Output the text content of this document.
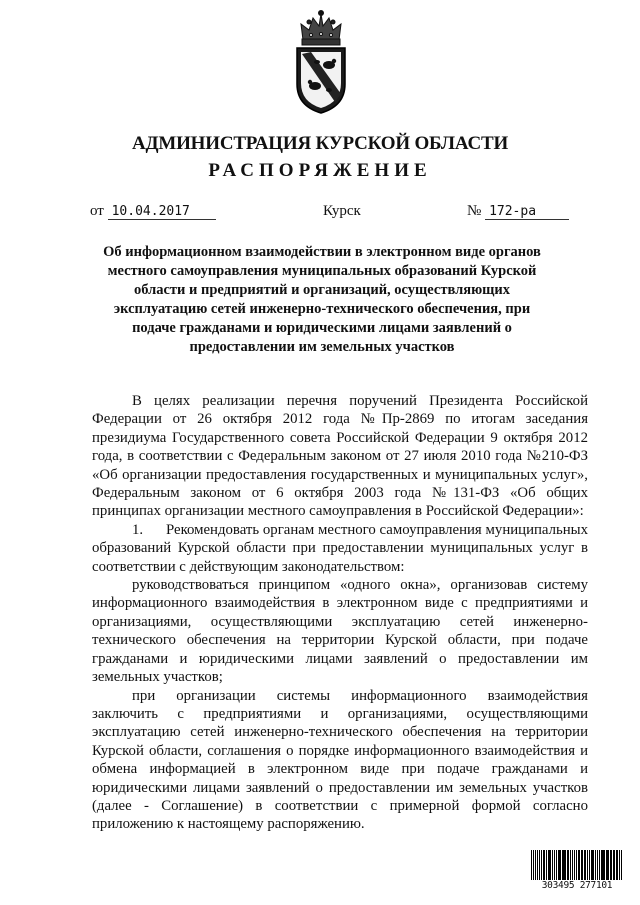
АДМИНИСТРАЦИЯ КУРСКОЙ ОБЛАСТИ
РАСПОРЯЖЕНИЕ
от 10.04.2017	Курск	№ 172-ра
Об информационном взаимодействии в электронном виде органов местного самоуправления муниципальных образований Курской области и предприятий и организаций, осуществляющих эксплуатацию сетей инженерно-технического обеспечения, при подаче гражданами и юридическими лицами заявлений о предоставлении им земельных участков

В целях реализации перечня поручений Президента Российской Федерации от 26 октября 2012 года №Пр-2869 по итогам заседания президиума Государственного совета Российской Федерации 9 октября 2012 года, в соответствии с Федеральным законом от 27 июля 2010 года №210-ФЗ «Об организации предоставления государственных и муниципальных услуг», Федеральным законом от 6 октября 2003 года №131-ФЗ «Об общих принципах организации местного самоуправления в Российской Федерации»:

1.      Рекомендовать органам местного самоуправления муниципальных образований Курской области при предоставлении муниципальных услуг в соответствии с действующим законодательством:

руководствоваться принципом «одного окна», организовав систему информационного взаимодействия в электронном виде с предприятиями и организациями, осуществляющими эксплуатацию сетей инженерно-технического обеспечения на территории Курской области, при подаче гражданами и юридическими лицами заявлений о предоставлении им земельных участков;

при организации системы информационного взаимодействия заключить с предприятиями и организациями, осуществляющими эксплуатацию сетей инженерно-технического обеспечения на территории Курской области, соглашения о порядке информационного взаимодействия и обмена информацией в электронном виде при подаче гражданами и юридическими лицами заявлений о предоставлении им земельных участков (далее - Соглашение) в соответствии с примерной формой согласно приложению к настоящему распоряжению.

303495 277101
